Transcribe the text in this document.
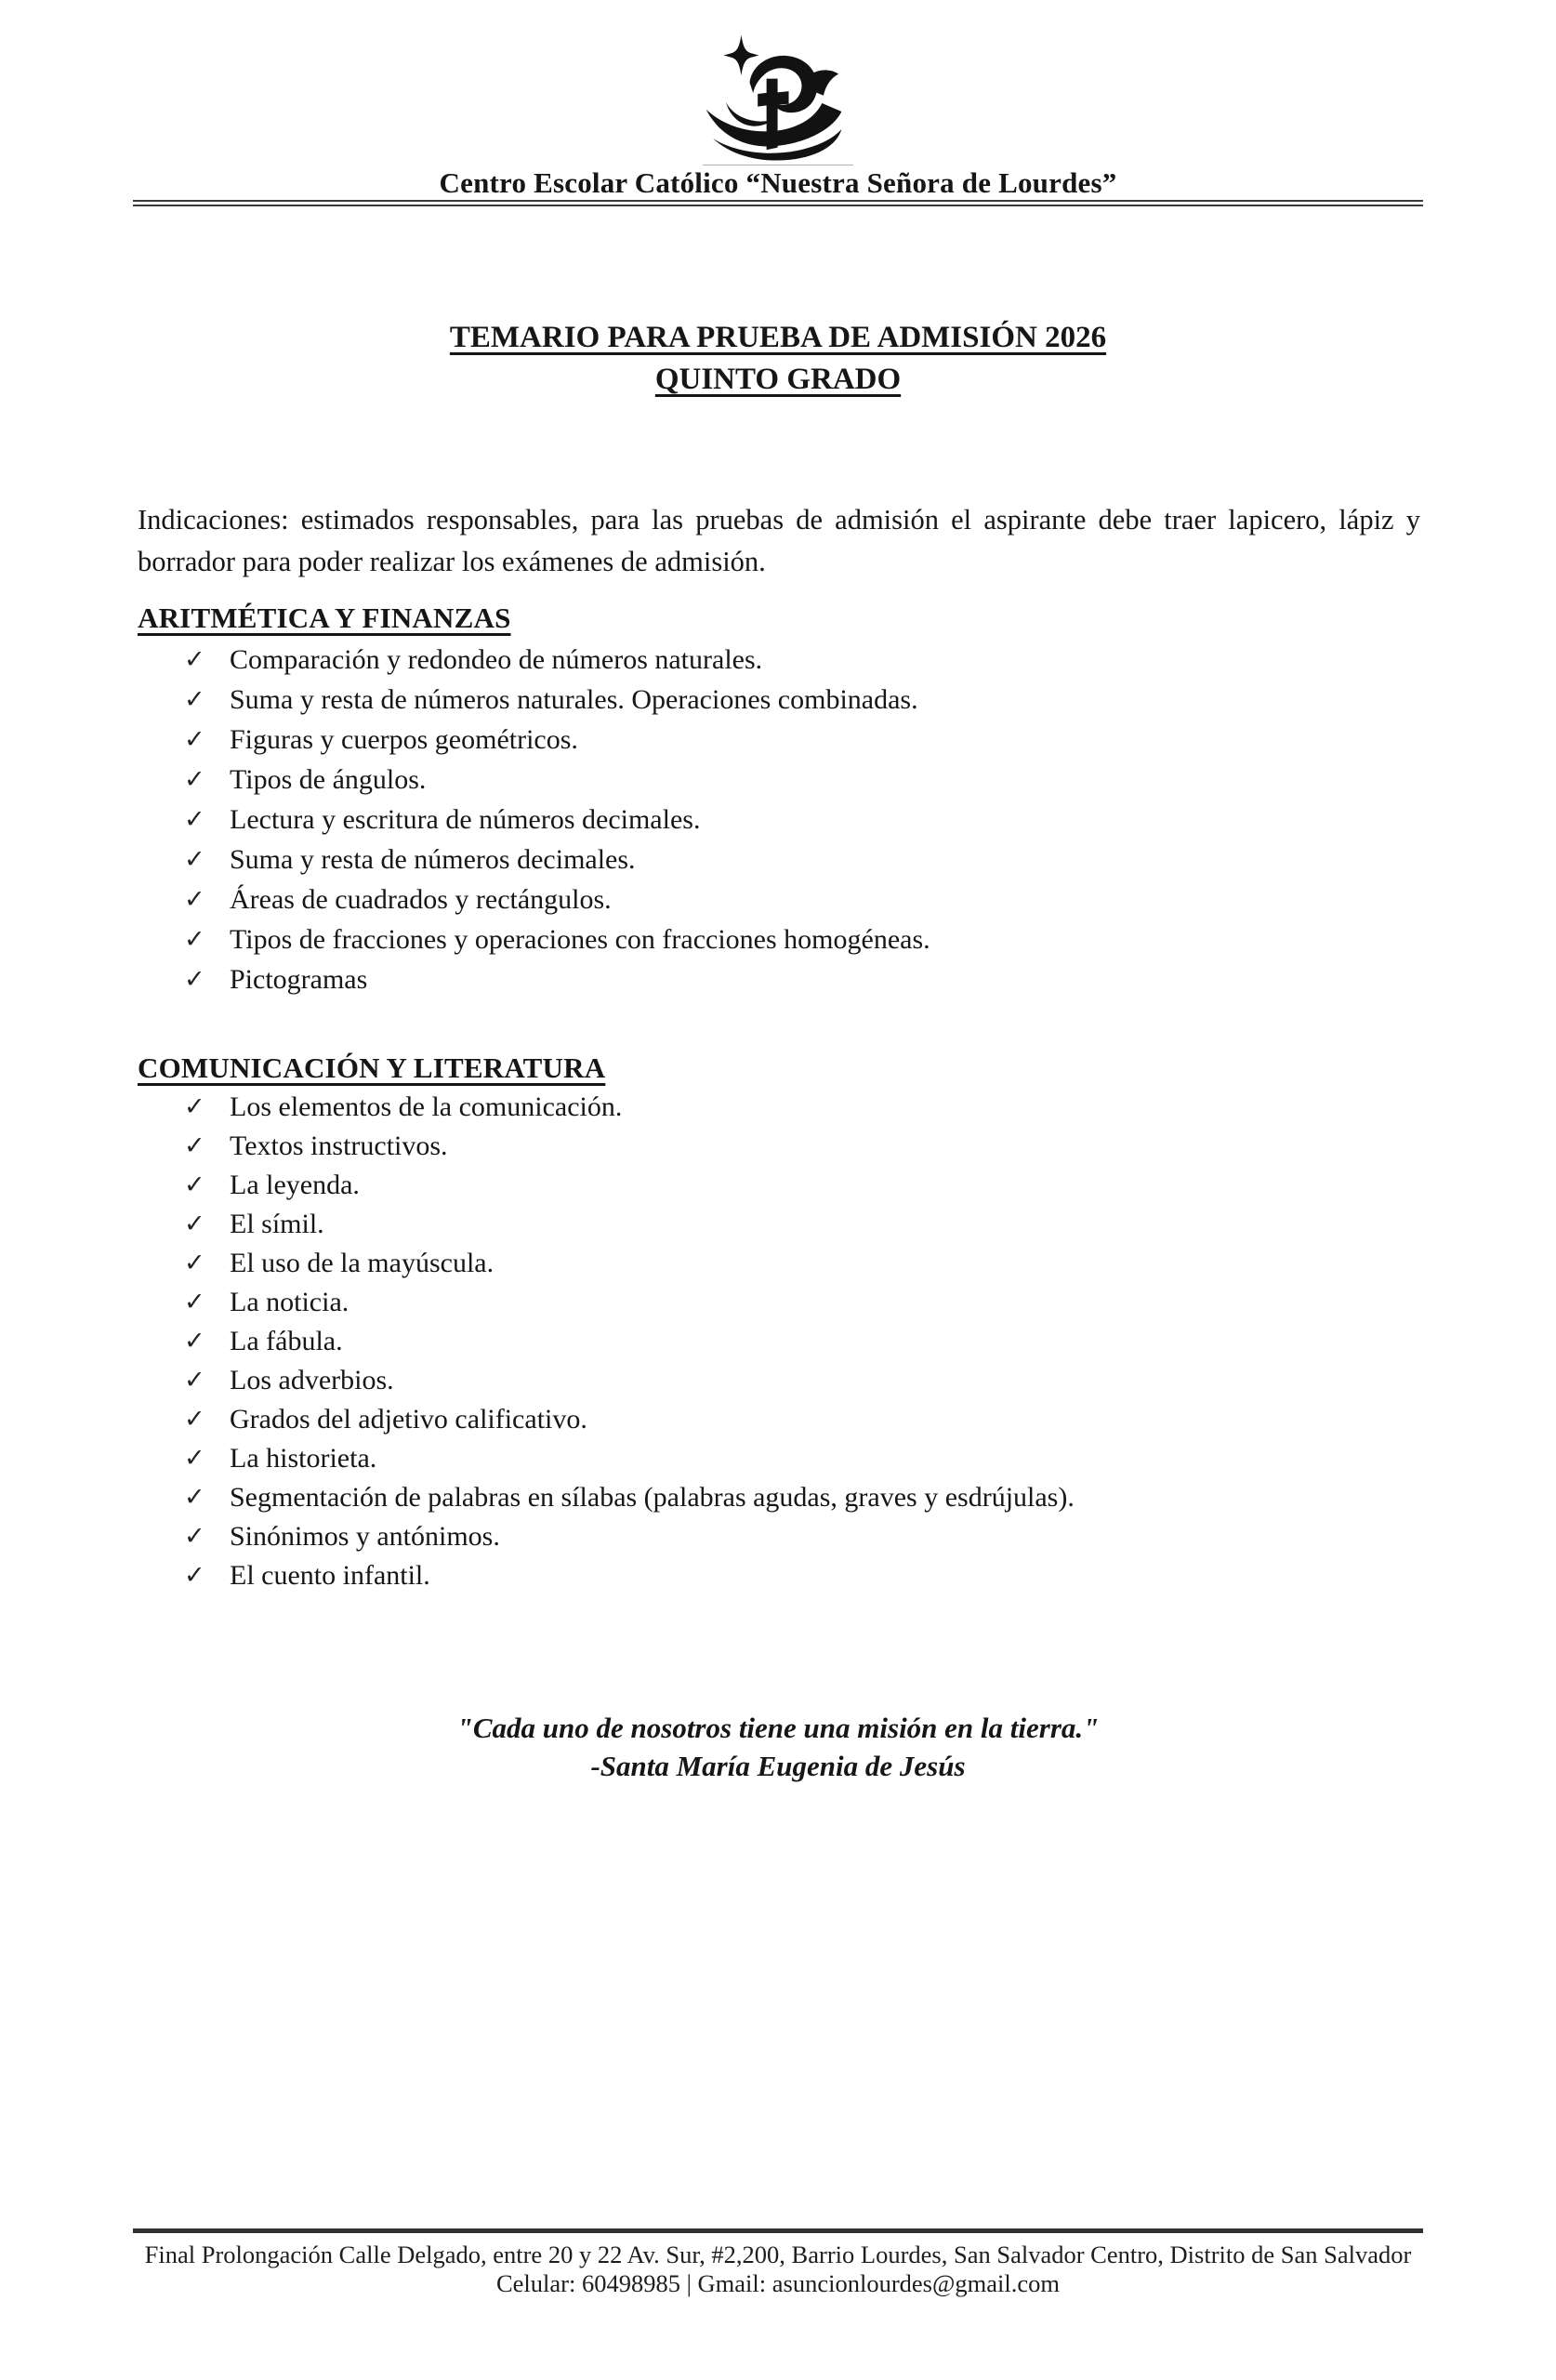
Centro Escolar Católico “Nuestra Señora de Lourdes”
TEMARIO PARA PRUEBA DE ADMISIÓN 2026
QUINTO GRADO

Indicaciones: estimados responsables, para las pruebas de admisión el aspirante debe traer lapicero, lápiz y borrador para poder realizar los exámenes de admisión.

ARITMÉTICA Y FINANZAS
✓ Comparación y redondeo de números naturales.
✓ Suma y resta de números naturales. Operaciones combinadas.
✓ Figuras y cuerpos geométricos.
✓ Tipos de ángulos.
✓ Lectura y escritura de números decimales.
✓ Suma y resta de números decimales.
✓ Áreas de cuadrados y rectángulos.
✓ Tipos de fracciones y operaciones con fracciones homogéneas.
✓ Pictogramas
COMUNICACIÓN Y LITERATURA
✓ Los elementos de la comunicación.
✓ Textos instructivos.
✓ La leyenda.
✓ El símil.
✓ El uso de la mayúscula.
✓ La noticia.
✓ La fábula.
✓ Los adverbios.
✓ Grados del adjetivo calificativo.
✓ La historieta.
✓ Segmentación de palabras en sílabas (palabras agudas, graves y esdrújulas).
✓ Sinónimos y antónimos.
✓ El cuento infantil.
"Cada uno de nosotros tiene una misión en la tierra."
-Santa María Eugenia de Jesús
Final Prolongación Calle Delgado, entre 20 y 22 Av. Sur, #2,200, Barrio Lourdes, San Salvador Centro, Distrito de San Salvador
Celular: 60498985 | Gmail: asuncionlourdes@gmail.com
